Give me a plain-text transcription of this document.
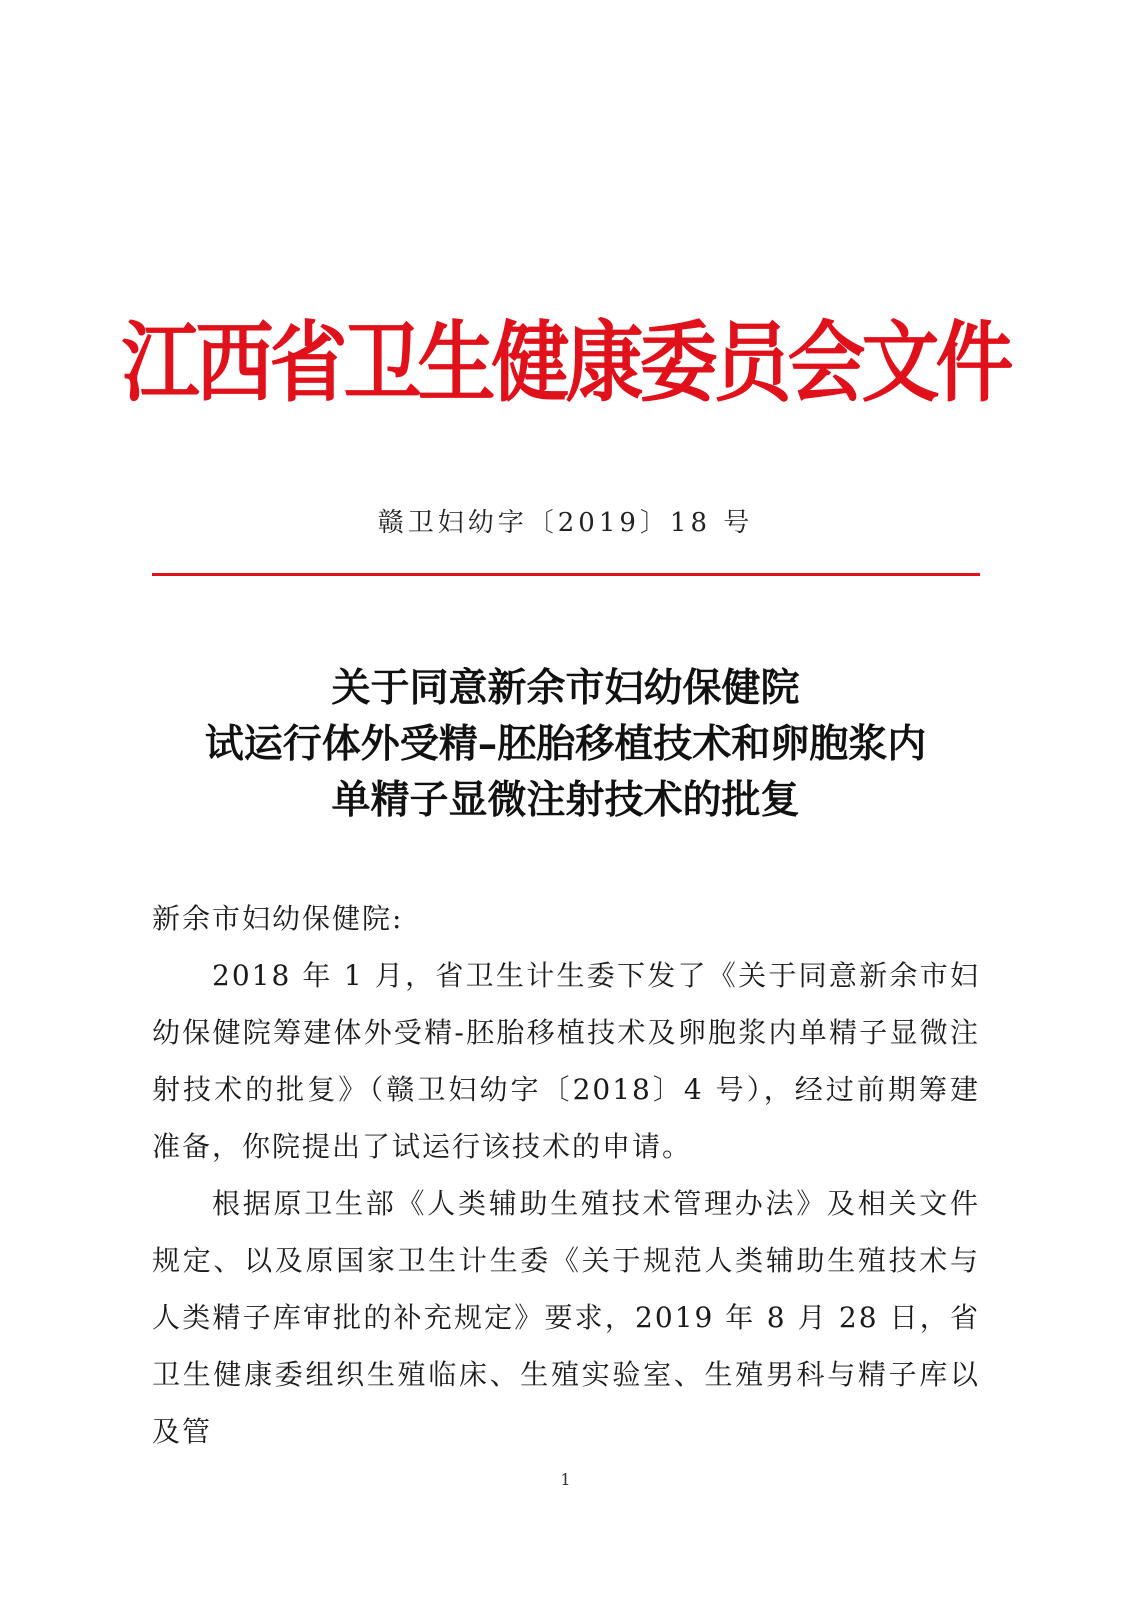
江西省卫生健康委员会文件
赣卫妇幼字〔2019〕18 号
关于同意新余市妇幼保健院
试运行体外受精–胚胎移植技术和卵胞浆内
单精子显微注射技术的批复

新余市妇幼保健院:

2018 年 1 月，省卫生计生委下发了《关于同意新余市妇幼保健院筹建体外受精-胚胎移植技术及卵胞浆内单精子显微注射技术的批复》（赣卫妇幼字〔2018〕4 号），经过前期筹建准备，你院提出了试运行该技术的申请。

根据原卫生部《人类辅助生殖技术管理办法》及相关文件规定、以及原国家卫生计生委《关于规范人类辅助生殖技术与人类精子库审批的补充规定》要求，2019 年 8 月 28 日，省卫生健康委组织生殖临床、生殖实验室、生殖男科与精子库以及管

1
